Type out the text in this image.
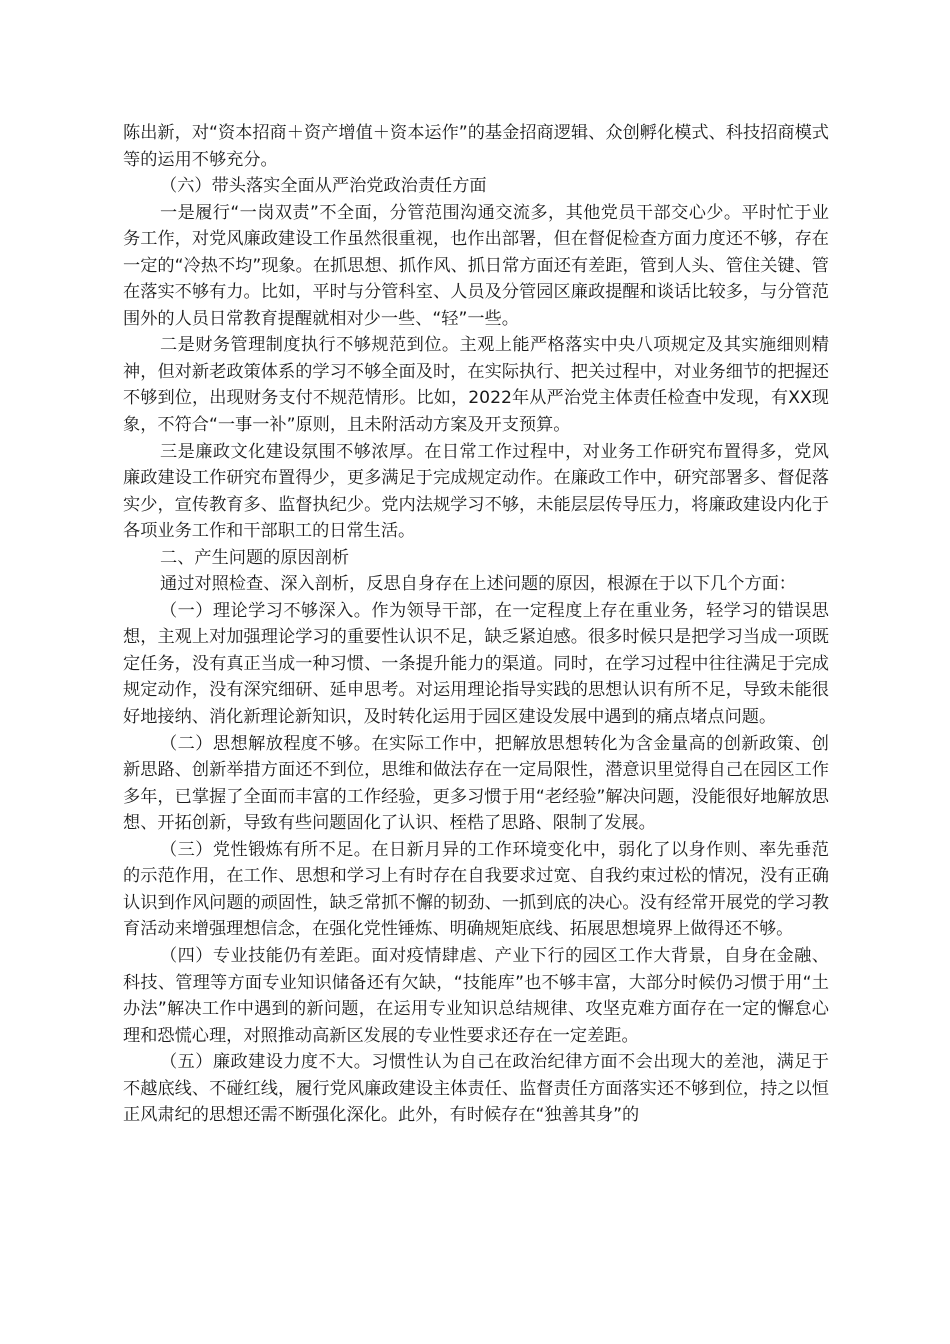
陈出新，对“资本招商＋资产增值＋资本运作”的基金招商逻辑、众创孵化模式、科技招商模式等的运用不够充分。

（六）带头落实全面从严治党政治责任方面

一是履行“一岗双责”不全面，分管范围沟通交流多，其他党员干部交心少。平时忙于业务工作，对党风廉政建设工作虽然很重视，也作出部署，但在督促检查方面力度还不够，存在一定的“冷热不均”现象。在抓思想、抓作风、抓日常方面还有差距，管到人头、管住关键、管在落实不够有力。比如，平时与分管科室、人员及分管园区廉政提醒和谈话比较多，与分管范围外的人员日常教育提醒就相对少一些、“轻”一些。

二是财务管理制度执行不够规范到位。主观上能严格落实中央八项规定及其实施细则精神，但对新老政策体系的学习不够全面及时，在实际执行、把关过程中，对业务细节的把握还不够到位，出现财务支付不规范情形。比如，2022年从严治党主体责任检查中发现，有XX现象，不符合“一事一补”原则，且未附活动方案及开支预算。

三是廉政文化建设氛围不够浓厚。在日常工作过程中，对业务工作研究布置得多，党风廉政建设工作研究布置得少，更多满足于完成规定动作。在廉政工作中，研究部署多、督促落实少，宣传教育多、监督执纪少。党内法规学习不够，未能层层传导压力，将廉政建设内化于各项业务工作和干部职工的日常生活。

二、产生问题的原因剖析

通过对照检查、深入剖析，反思自身存在上述问题的原因，根源在于以下几个方面：

（一）理论学习不够深入。作为领导干部，在一定程度上存在重业务，轻学习的错误思想，主观上对加强理论学习的重要性认识不足，缺乏紧迫感。很多时候只是把学习当成一项既定任务，没有真正当成一种习惯、一条提升能力的渠道。同时，在学习过程中往往满足于完成规定动作，没有深究细研、延申思考。对运用理论指导实践的思想认识有所不足，导致未能很好地接纳、消化新理论新知识，及时转化运用于园区建设发展中遇到的痛点堵点问题。

（二）思想解放程度不够。在实际工作中，把解放思想转化为含金量高的创新政策、创新思路、创新举措方面还不到位，思维和做法存在一定局限性，潜意识里觉得自己在园区工作多年，已掌握了全面而丰富的工作经验，更多习惯于用“老经验”解决问题，没能很好地解放思想、开拓创新，导致有些问题固化了认识、桎梏了思路、限制了发展。

（三）党性锻炼有所不足。在日新月异的工作环境变化中，弱化了以身作则、率先垂范的示范作用，在工作、思想和学习上有时存在自我要求过宽、自我约束过松的情况，没有正确认识到作风问题的顽固性，缺乏常抓不懈的韧劲、一抓到底的决心。没有经常开展党的学习教育活动来增强理想信念，在强化党性锤炼、明确规矩底线、拓展思想境界上做得还不够。

（四）专业技能仍有差距。面对疫情肆虐、产业下行的园区工作大背景，自身在金融、科技、管理等方面专业知识储备还有欠缺，“技能库”也不够丰富，大部分时候仍习惯于用“土办法”解决工作中遇到的新问题，在运用专业知识总结规律、攻坚克难方面存在一定的懈怠心理和恐慌心理，对照推动高新区发展的专业性要求还存在一定差距。

（五）廉政建设力度不大。习惯性认为自己在政治纪律方面不会出现大的差池，满足于不越底线、不碰红线，履行党风廉政建设主体责任、监督责任方面落实还不够到位，持之以恒正风肃纪的思想还需不断强化深化。此外，有时候存在“独善其身”的
